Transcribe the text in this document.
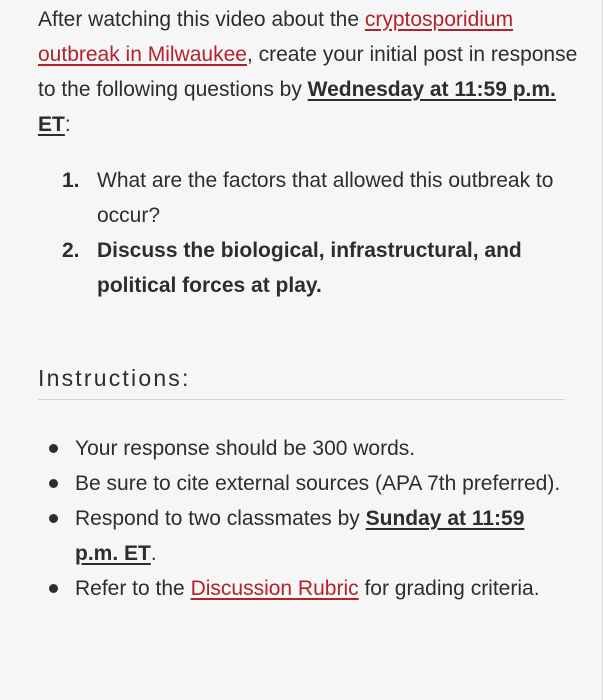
After watching this video about the cryptosporidium outbreak in Milwaukee, create your initial post in response to the following questions by Wednesday at 11:59 p.m. ET:

1. What are the factors that allowed this outbreak to occur?
2. Discuss the biological, infrastructural, and political forces at play.
Instructions:
Your response should be 300 words.
Be sure to cite external sources (APA 7th preferred).
Respond to two classmates by Sunday at 11:59 p.m. ET.
Refer to the Discussion Rubric for grading criteria.
